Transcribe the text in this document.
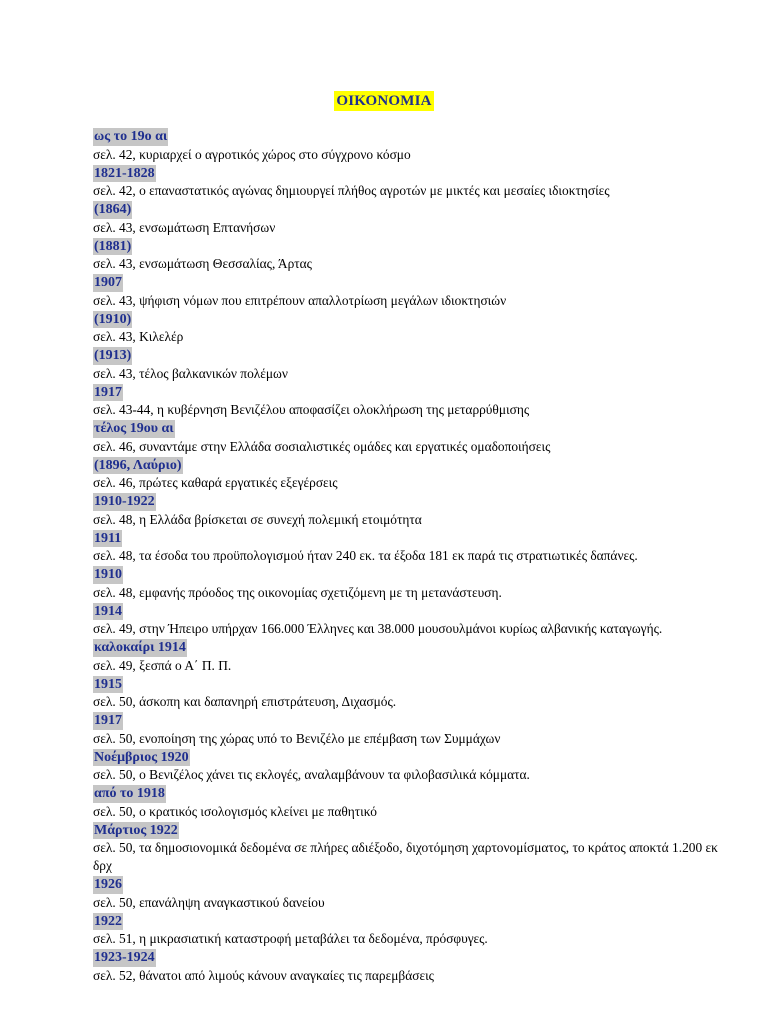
ΟΙΚΟΝΟΜΙΑ
ως το 19ο αι
σελ. 42, κυριαρχεί ο αγροτικός χώρος στο σύγχρονο κόσμο
1821-1828
σελ. 42, ο επαναστατικός αγώνας δημιουργεί πλήθος αγροτών με μικτές και μεσαίες ιδιοκτησίες
(1864)
σελ. 43, ενσωμάτωση Επτανήσων
(1881)
σελ. 43, ενσωμάτωση Θεσσαλίας, Άρτας
1907
σελ. 43, ψήφιση νόμων που επιτρέπουν απαλλοτρίωση μεγάλων ιδιοκτησιών
(1910)
σελ. 43, Κιλελέρ
(1913)
σελ. 43, τέλος βαλκανικών πολέμων
1917
σελ. 43-44, η κυβέρνηση Βενιζέλου αποφασίζει ολοκλήρωση της μεταρρύθμισης
τέλος 19ου αι
σελ. 46, συναντάμε στην Ελλάδα σοσιαλιστικές ομάδες και εργατικές ομαδοποιήσεις
(1896, Λαύριο)
σελ. 46, πρώτες καθαρά εργατικές εξεγέρσεις
1910-1922
σελ. 48, η Ελλάδα βρίσκεται σε συνεχή πολεμική ετοιμότητα
1911
σελ. 48, τα έσοδα του προϋπολογισμού ήταν 240 εκ. τα έξοδα 181 εκ παρά τις στρατιωτικές δαπάνες.
1910
σελ. 48, εμφανής πρόοδος της οικονομίας σχετιζόμενη με τη μετανάστευση.
1914
σελ. 49, στην Ήπειρο υπήρχαν 166.000 Έλληνες και 38.000 μουσουλμάνοι κυρίως αλβανικής καταγωγής.
καλοκαίρι 1914
σελ. 49, ξεσπά ο Α΄ Π. Π.
1915
σελ. 50, άσκοπη και δαπανηρή επιστράτευση, Διχασμός.
1917
σελ. 50, ενοποίηση της χώρας υπό το Βενιζέλο με επέμβαση των Συμμάχων
Νοέμβριος 1920
σελ. 50, ο Βενιζέλος χάνει τις εκλογές, αναλαμβάνουν τα φιλοβασιλικά κόμματα.
από το 1918
σελ. 50, ο κρατικός ισολογισμός κλείνει με παθητικό
Μάρτιος 1922
σελ. 50, τα δημοσιονομικά δεδομένα σε πλήρες αδιέξοδο, διχοτόμηση χαρτονομίσματος, το κράτος αποκτά 1.200 εκ δρχ
1926
σελ. 50, επανάληψη αναγκαστικού δανείου
1922
σελ. 51, η μικρασιατική καταστροφή μεταβάλει τα δεδομένα, πρόσφυγες.
1923-1924
σελ. 52, θάνατοι από λιμούς κάνουν αναγκαίες τις παρεμβάσεις
